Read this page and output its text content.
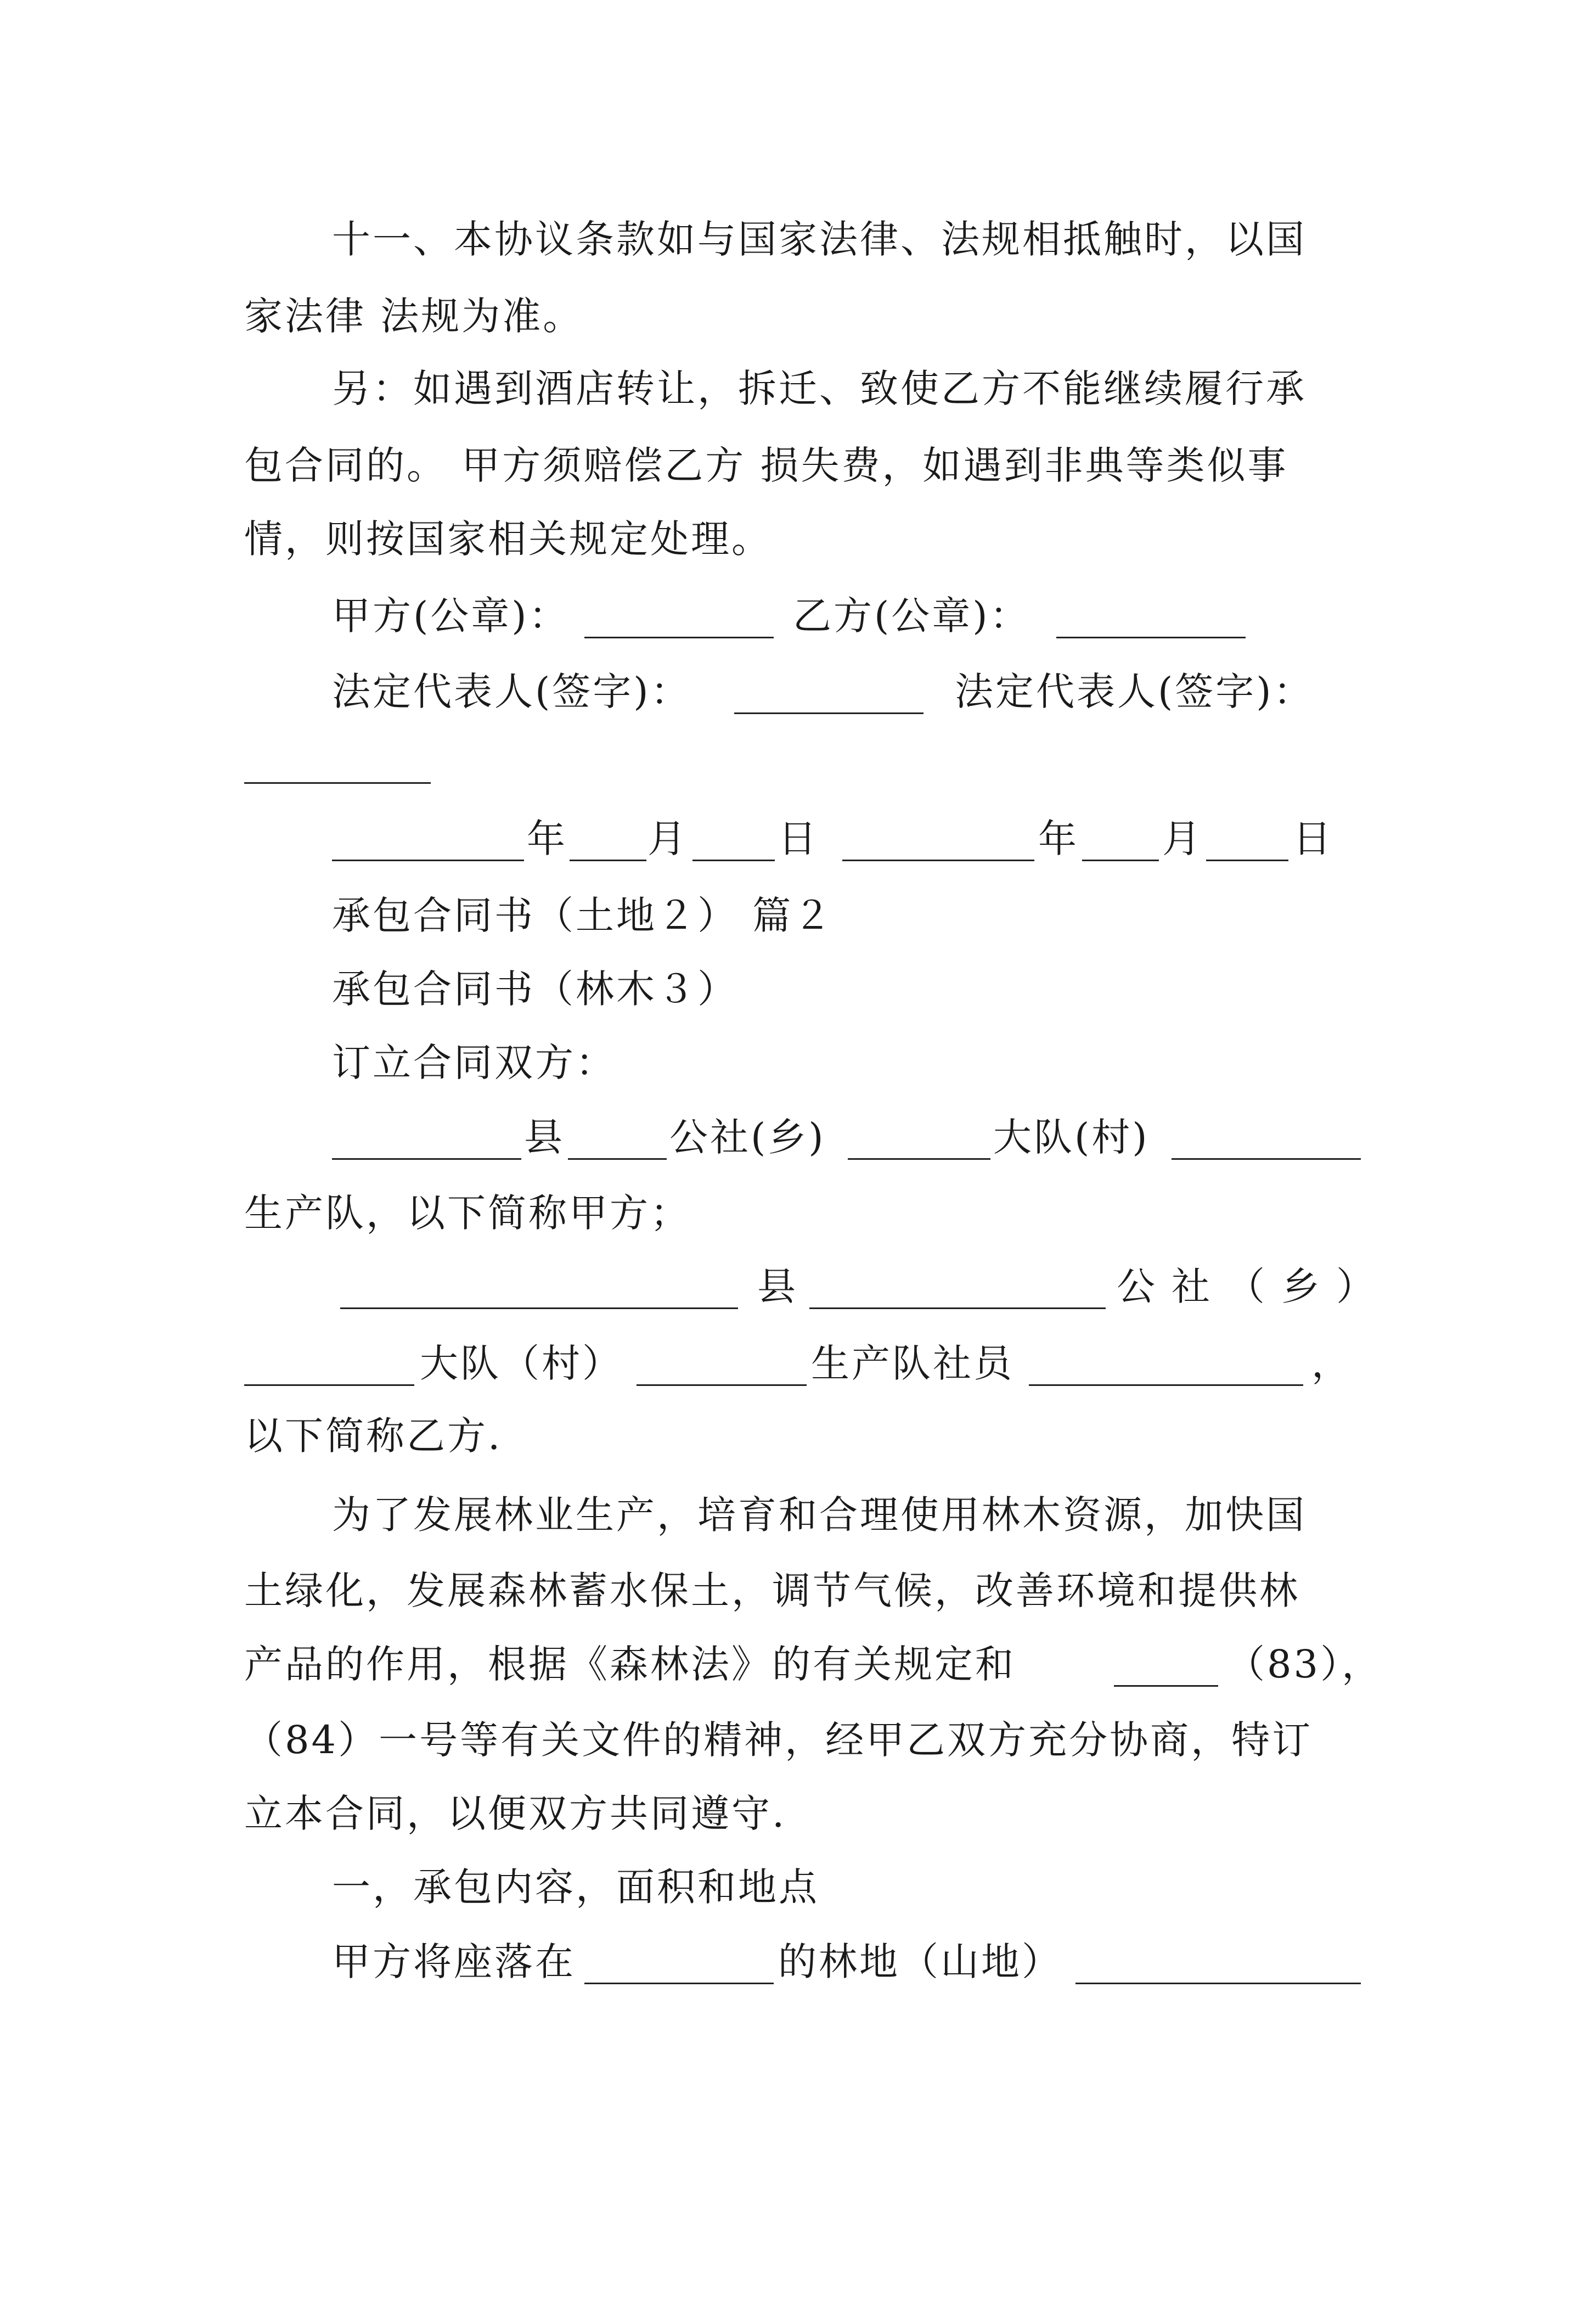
十一、本协议条款如与国家法律、法规相抵触时，以国

家法律 法规为准。

另：如遇到酒店转让，拆迁、致使乙方不能继续履行承

包合同的。 甲方须赔偿乙方 损失费，如遇到非典等类似事

情，则按国家相关规定处理。

甲方(公章)：

	乙方(公章)：

法定代表人(签字)：

	法定代表人(签字)：

年

月

日

	年

月

日

承包合同书（土地２） 篇２

承包合同书（林木３）

订立合同双方：

县

	公社(乡)

	大队(村)

生产队，以下简称甲方；

县

	公社（乡）

大队（村）

	生产队社员

	，

以下简称乙方.

为了发展林业生产，培育和合理使用林木资源，加快国

土绿化，发展森林蓄水保土，调节气候，改善环境和提供林

产品的作用，根据《森林法》的有关规定和

	（83），

（84）一号等有关文件的精神，经甲乙双方充分协商，特订

立本合同，以便双方共同遵守.

一，承包内容，面积和地点

甲方将座落在

	的林地（山地）
